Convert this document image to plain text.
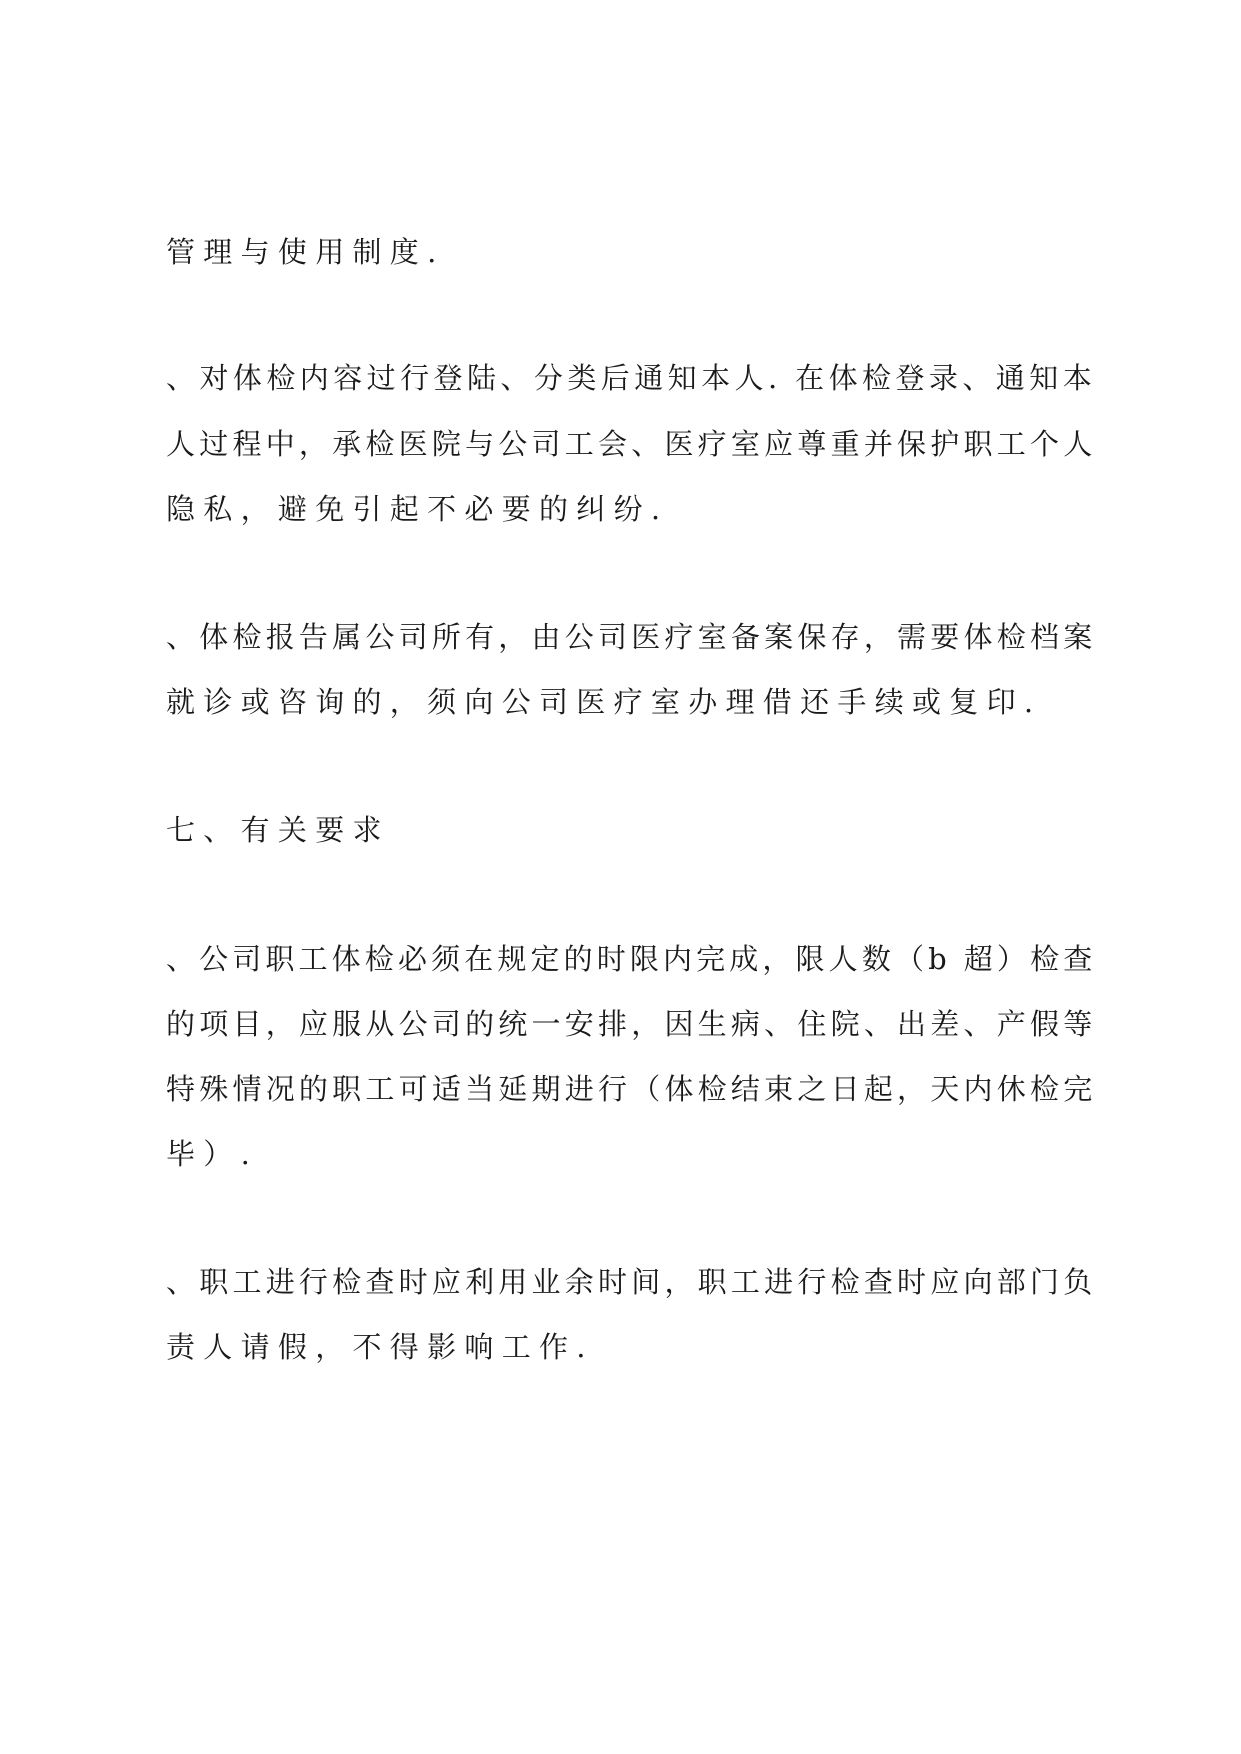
管理与使用制度.
、对体检内容过行登陆、分类后通知本人. 在体检登录、通知本
人过程中，承检医院与公司工会、医疗室应尊重并保护职工个人
隐私，避免引起不必要的纠纷.
、体检报告属公司所有，由公司医疗室备案保存，需要体检档案
就诊或咨询的，须向公司医疗室办理借还手续或复印.
七、有关要求
、公司职工体检必须在规定的时限内完成，限人数（b 超）检查
的项目，应服从公司的统一安排，因生病、住院、出差、产假等
特殊情况的职工可适当延期进行（体检结束之日起，天内休检完
毕）.
、职工进行检查时应利用业余时间，职工进行检查时应向部门负
责人请假，不得影响工作.
